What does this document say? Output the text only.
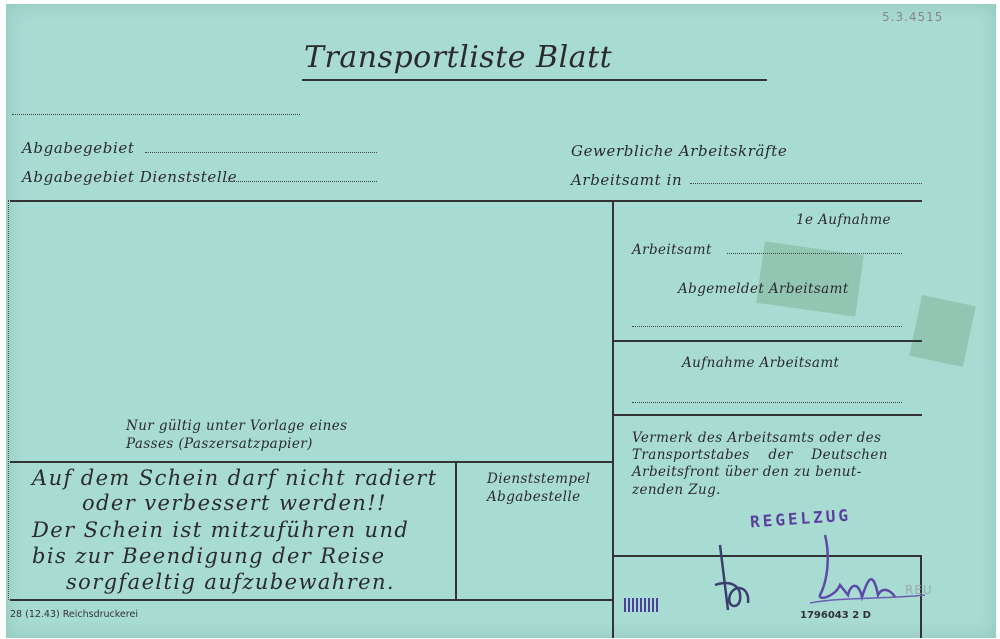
5.3.4515
Transportliste Blatt
Abgabegebiet
Abgabegebiet Dienststelle
Gewerbliche Arbeitskräfte
Arbeitsamt in
1e Aufnahme
Arbeitsamt
Abgemeldet Arbeitsamt
Aufnahme Arbeitsamt
Vermerk des Arbeitsamts oder des
Transportstabes der Deutschen
Arbeitsfront über den zu benut-
zenden Zug.
REGELZUG
REU
1796043 2 D
Nur gültig unter Vorlage eines
Passes (Paszersatzpapier)
Auf dem Schein darf nicht radiert
oder verbessert werden!!
Der Schein ist mitzuführen und
bis zur Beendigung der Reise
sorgfaeltig aufzubewahren.
Dienststempel
Abgabestelle
28 (12.43) Reichsdruckerei
